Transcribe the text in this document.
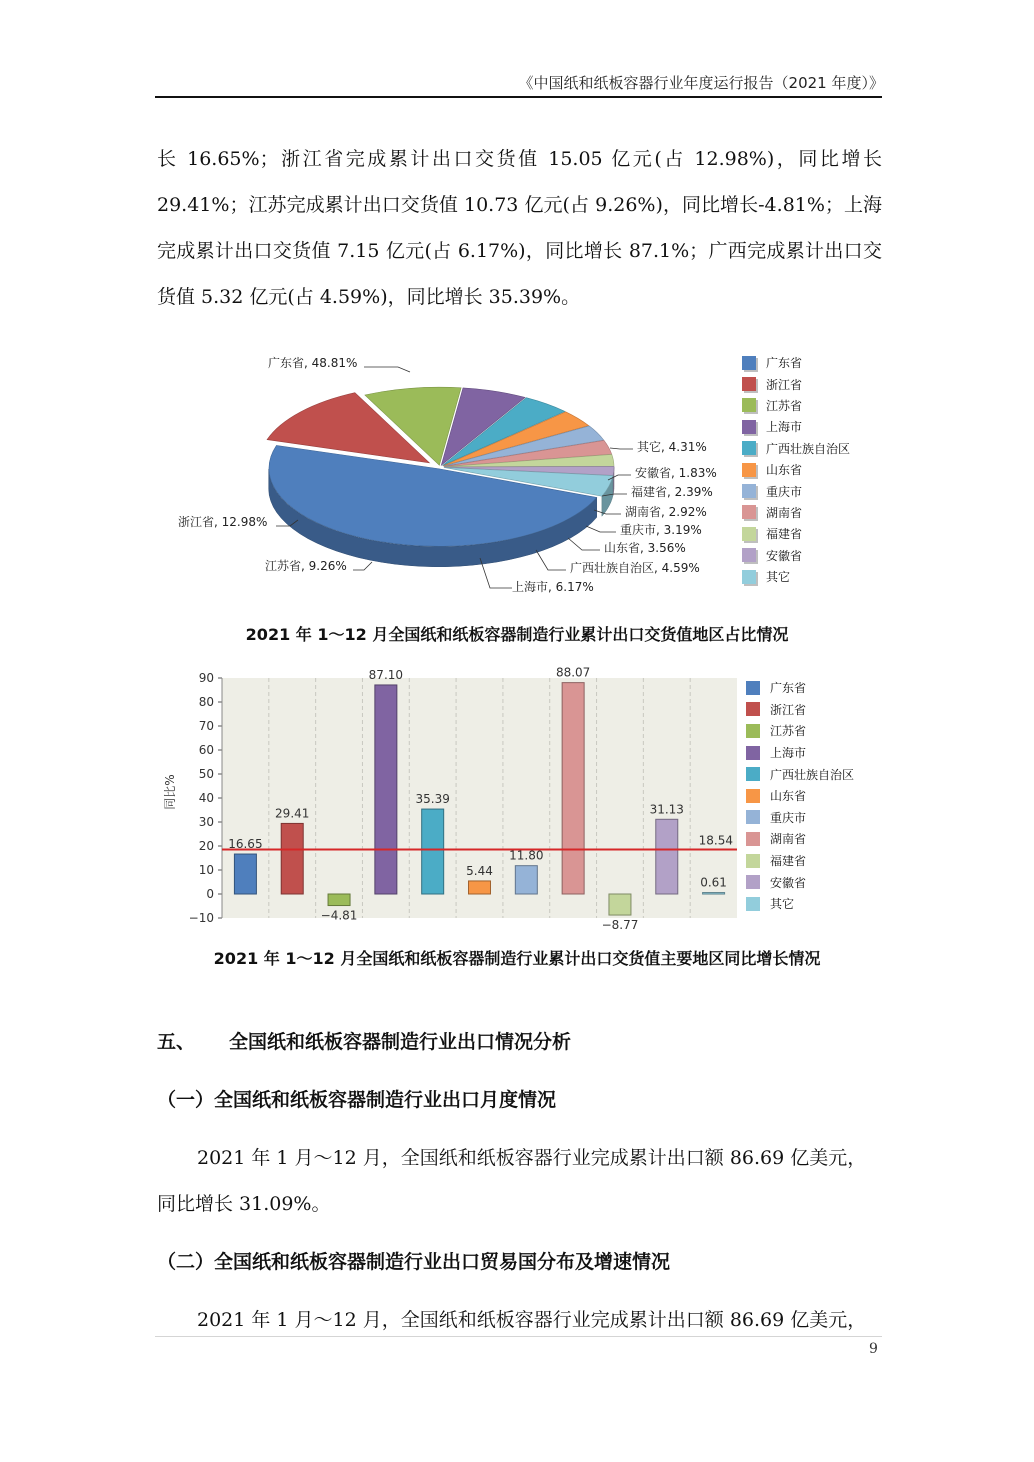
《中国纸和纸板容器行业年度运行报告（2021 年度）》

长 16.65%；浙江省完成累计出口交货值 15.05 亿元(占 12.98%)，同比增长 29.41%；江苏完成累计出口交货值 10.73 亿元(占 9.26%)，同比增长-4.81%；上海完成累计出口交货值 7.15 亿元(占 6.17%)，同比增长 87.1%；广西完成累计出口交货值 5.32 亿元(占 4.59%)，同比增长 35.39%。

广东省, 48.81%
浙江省, 12.98%
江苏省, 9.26%
上海市, 6.17%
广西壮族自治区, 4.59%
山东省, 3.56%
重庆市, 3.19%
湖南省, 2.92%
福建省, 2.39%
安徽省, 1.83%
其它, 4.31%
广东省
浙江省
江苏省
上海市
广西壮族自治区
山东省
重庆市
湖南省
福建省
安徽省
其它
2021 年 1～12 月全国纸和纸板容器制造行业累计出口交货值地区占比情况
90
80
70
60
50
40
30
20
10
0
−10
同比%
16.65
29.41
−4.81
87.10
35.39
5.44
11.80
88.07
−8.77
31.13
0.61
18.54
广东省
浙江省
江苏省
上海市
广西壮族自治区
山东省
重庆市
湖南省
福建省
安徽省
其它
2021 年 1～12 月全国纸和纸板容器制造行业累计出口交货值主要地区同比增长情况
五、 全国纸和纸板容器制造行业出口情况分析
（一）全国纸和纸板容器制造行业出口月度情况
2021 年 1 月～12 月，全国纸和纸板容器行业完成累计出口额 86.69 亿美元，
同比增长 31.09%。
（二）全国纸和纸板容器制造行业出口贸易国分布及增速情况
2021 年 1 月～12 月，全国纸和纸板容器行业完成累计出口额 86.69 亿美元，
9
